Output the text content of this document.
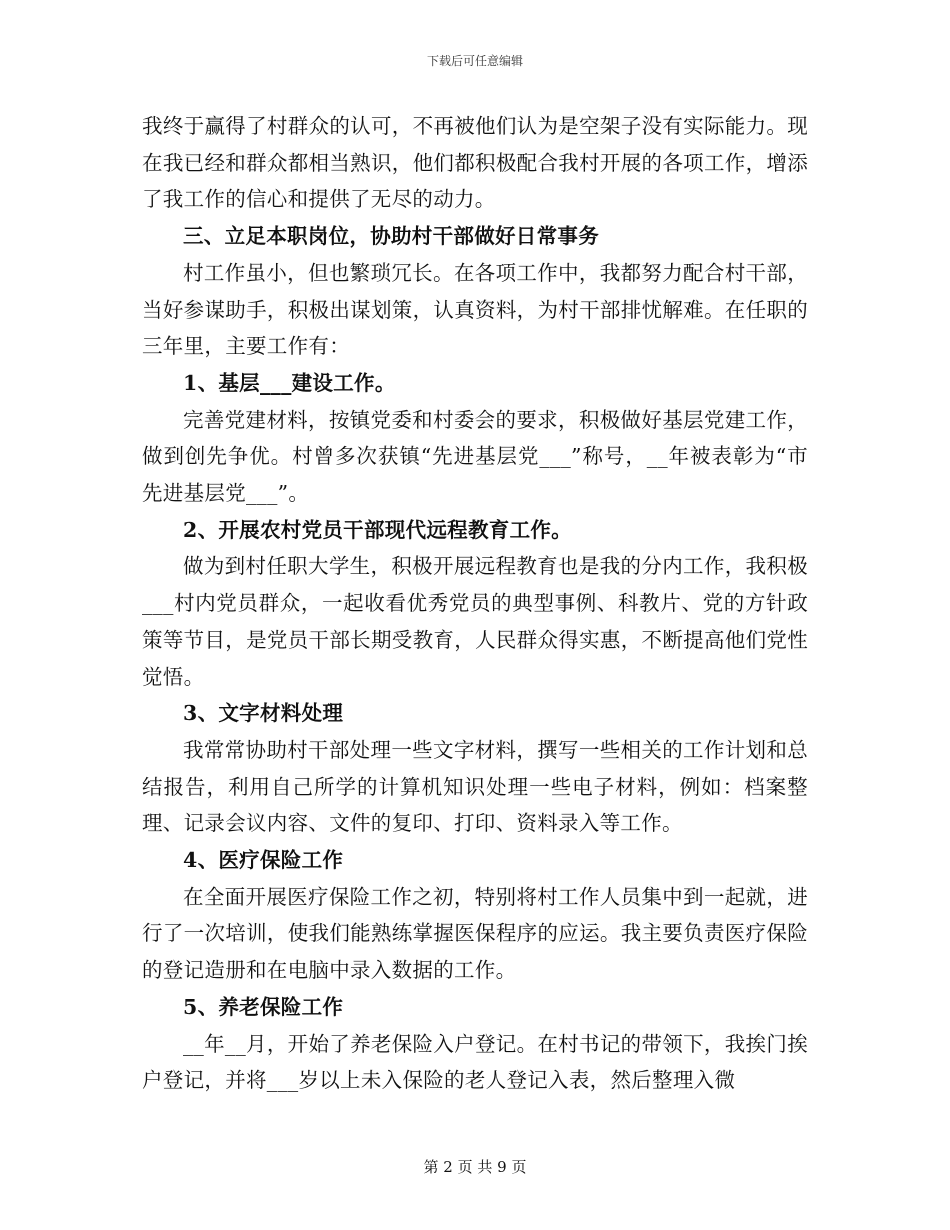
下载后可任意编辑

我终于赢得了村群众的认可，不再被他们认为是空架子没有实际能力。现在我已经和群众都相当熟识，他们都积极配合我村开展的各项工作，增添了我工作的信心和提供了无尽的动力。

三、立足本职岗位，协助村干部做好日常事务

村工作虽小，但也繁琐冗长。在各项工作中，我都努力配合村干部，当好参谋助手，积极出谋划策，认真资料，为村干部排忧解难。在任职的三年里，主要工作有：

1、基层___建设工作。

完善党建材料，按镇党委和村委会的要求，积极做好基层党建工作，做到创先争优。村曾多次获镇“先进基层党___”称号，__年被表彰为“市先进基层党___”。

2、开展农村党员干部现代远程教育工作。

做为到村任职大学生，积极开展远程教育也是我的分内工作，我积极___村内党员群众，一起收看优秀党员的典型事例、科教片、党的方针政策等节目，是党员干部长期受教育，人民群众得实惠，不断提高他们党性觉悟。

3、文字材料处理

我常常协助村干部处理一些文字材料，撰写一些相关的工作计划和总结报告，利用自己所学的计算机知识处理一些电子材料，例如：档案整理、记录会议内容、文件的复印、打印、资料录入等工作。

4、医疗保险工作

在全面开展医疗保险工作之初，特别将村工作人员集中到一起就，进行了一次培训，使我们能熟练掌握医保程序的应运。我主要负责医疗保险的登记造册和在电脑中录入数据的工作。

5、养老保险工作

__年__月，开始了养老保险入户登记。在村书记的带领下，我挨门挨户登记，并将___岁以上未入保险的老人登记入表，然后整理入微

第 2 页 共 9 页
